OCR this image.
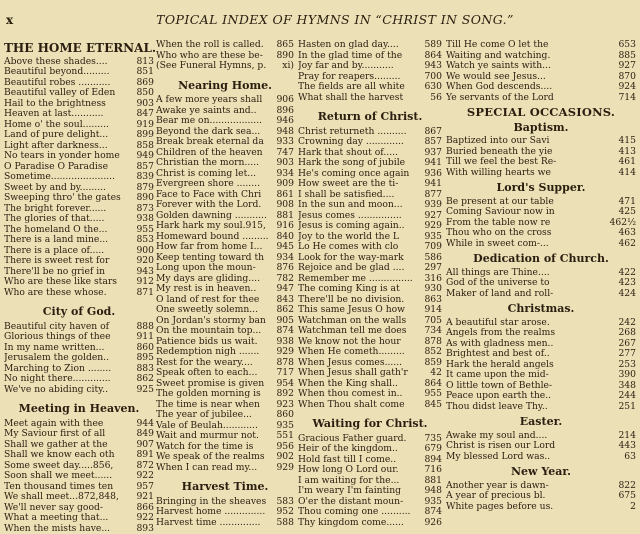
x	TOPICAL INDEX OF HYMNS IN “CHRIST IN SONG.”
THE HOME ETERNAL.
Above these shades....	813
Beautiful beyond.........	851
Beautiful robes ...........	869
Beautiful valley of Eden	850
Hail to the brightness	903
Heaven at last...........	847
Home o' the soul.........	919
Land of pure delight...	899
Light after darkness...	858
No tears in yonder home	949
O Paradise O Paradise	857
Sometime......................	839
Sweet by and by.........	879
Sweeping thro' the gates	890
The bright forever......	873
The glories of that.....	938
The homeland O the...	955
There is a land mine...	853
There is a place of.....	900
There is sweet rest for	920
There'll be no grief in	943
Who are these like stars	912
Who are these whose.	871
City of God.
Beautiful city haven of	888
Glorious things of thee	911
In my name written...	860
Jerusalem the golden..	895
Marching to Zion ........	883
No night there.............	862
We've no abiding city..	925
Meeting in Heaven.
Meet again with thee	944
My Saviour first of all	849
Shall we gather at the	907
Shall we know each oth	891
Some sweet day.....856,	872
Soon shall we meet......	922
Ten thousand times ten	957
We shall meet...872,848,	921
We'll never say good-	866
What a meeting that...	922
When the mists have...	893
When the roll is called.	865
Who who are these be-	890
(See Funeral Hymns, p.	xi)
Nearing Home.
A few more years shall	906
Awake ye saints and..	896
Bear me on..................	946
Beyond the dark sea...	948
Break break eternal da	933
Children of the heaven	747
Christian the morn.....	903
Christ is coming let...	934
Evergreen shore ........	909
Face to Face with Chri	861
Forever with the Lord.	908
Golden dawning ...........	881
Hark hark my soul.915,	916
Homeward bound ......... 840
How far from home I...	945
Keep tenting toward th	934
Long upon the moun-	876
My days are gliding....	782
My rest is in heaven..	947
O land of rest for thee	843
One sweetly solemn...	862
On Jordan's stormy ban	905
On the mountain top...	874
Patience bids us wait.	938
Redemption nigh .......	929
Rest for the weary....	878
Speak often to each...	717
Sweet promise is given	954
The golden morning is	892
The time is near when	923
The year of jubilee...	860
Vale of Beulah............	935
Wait and murmur not.	551
Watch for the time is	956
We speak of the realms	902
When I can read my...	929
Harvest Time.
Bringing in the sheaves	583
Harvest home ..............	952
Harvest time ..............	588
Hasten on glad day....	589
In the glad time of the	864
Joy far and by...........	943
Pray for reapers.........	700
The fields are all white	630
What shall the harvest	56
Return of Christ.
Christ returneth ..........	867
Crowning day .............	857
Hark that shout of.....	937
Hark the song of jubile	941
He's coming once again	936
How sweet are the ti-	941
I shall be satisfied....	877
In the sun and moon...	939
Jesus comes ...............	927
Jesus is coming again..	929
Joy to the world the L	935
Lo He comes with clo	709
Look for the way-mark	586
Rejoice and be glad ....	297
Remember me ...............	316
The coming King is at	930
There'll be no division.	863
This same Jesus O how	914
Watchman on the walls	705
Watchman tell me does	734
We know not the hour	878
When He cometh.........	852
When Jesus comes......	859
When Jesus shall gath'r	42
When the King shall..	864
When thou comest in..	955
When Thou shalt come	845
Waiting for Christ.
Gracious Father guard.	735
Heir of the kingdom..	679
Hold fast till I come..	894
How long O Lord our.	716
I am waiting for the...	881
I'm weary I'm fainting	948
O'er the distant moun-	935
Thou coming one ..........	874
Thy kingdom come......	926
Till He come O let the	653
Waiting and watching.	885
Watch ye saints with...	927
We would see Jesus...	870
When God descends....	924
Ye servants of the Lord	714
SPECIAL OCCASIONS.
Baptism.
Baptized into our Savi	415
Buried beneath the yie	413
Till we feel the best Re-	461
With willing hearts we	414
Lord's Supper.
Be present at our table	471
Coming Saviour now in	425
From the table now re	462½
Thou who on the cross	463
While in sweet com-...	462
Dedication of Church.
All things are Thine....	422
God of the universe to	423
Maker of land and roll-	424
Christmas.
A beautiful star arose.	242
Angels from the realms	268
As with gladness men..	267
Brightest and best of..	277
Hark the herald angels	253
It came upon the mid-	390
O little town of Bethle-	348
Peace upon earth the..	244
Thou didst leave Thy..	251
Easter.
Awake my soul and....	214
Christ is risen our Lord	443
My blessed Lord was..	63
New Year.
Another year is dawn-	822
A year of precious bl.	675
White pages before us.	2
